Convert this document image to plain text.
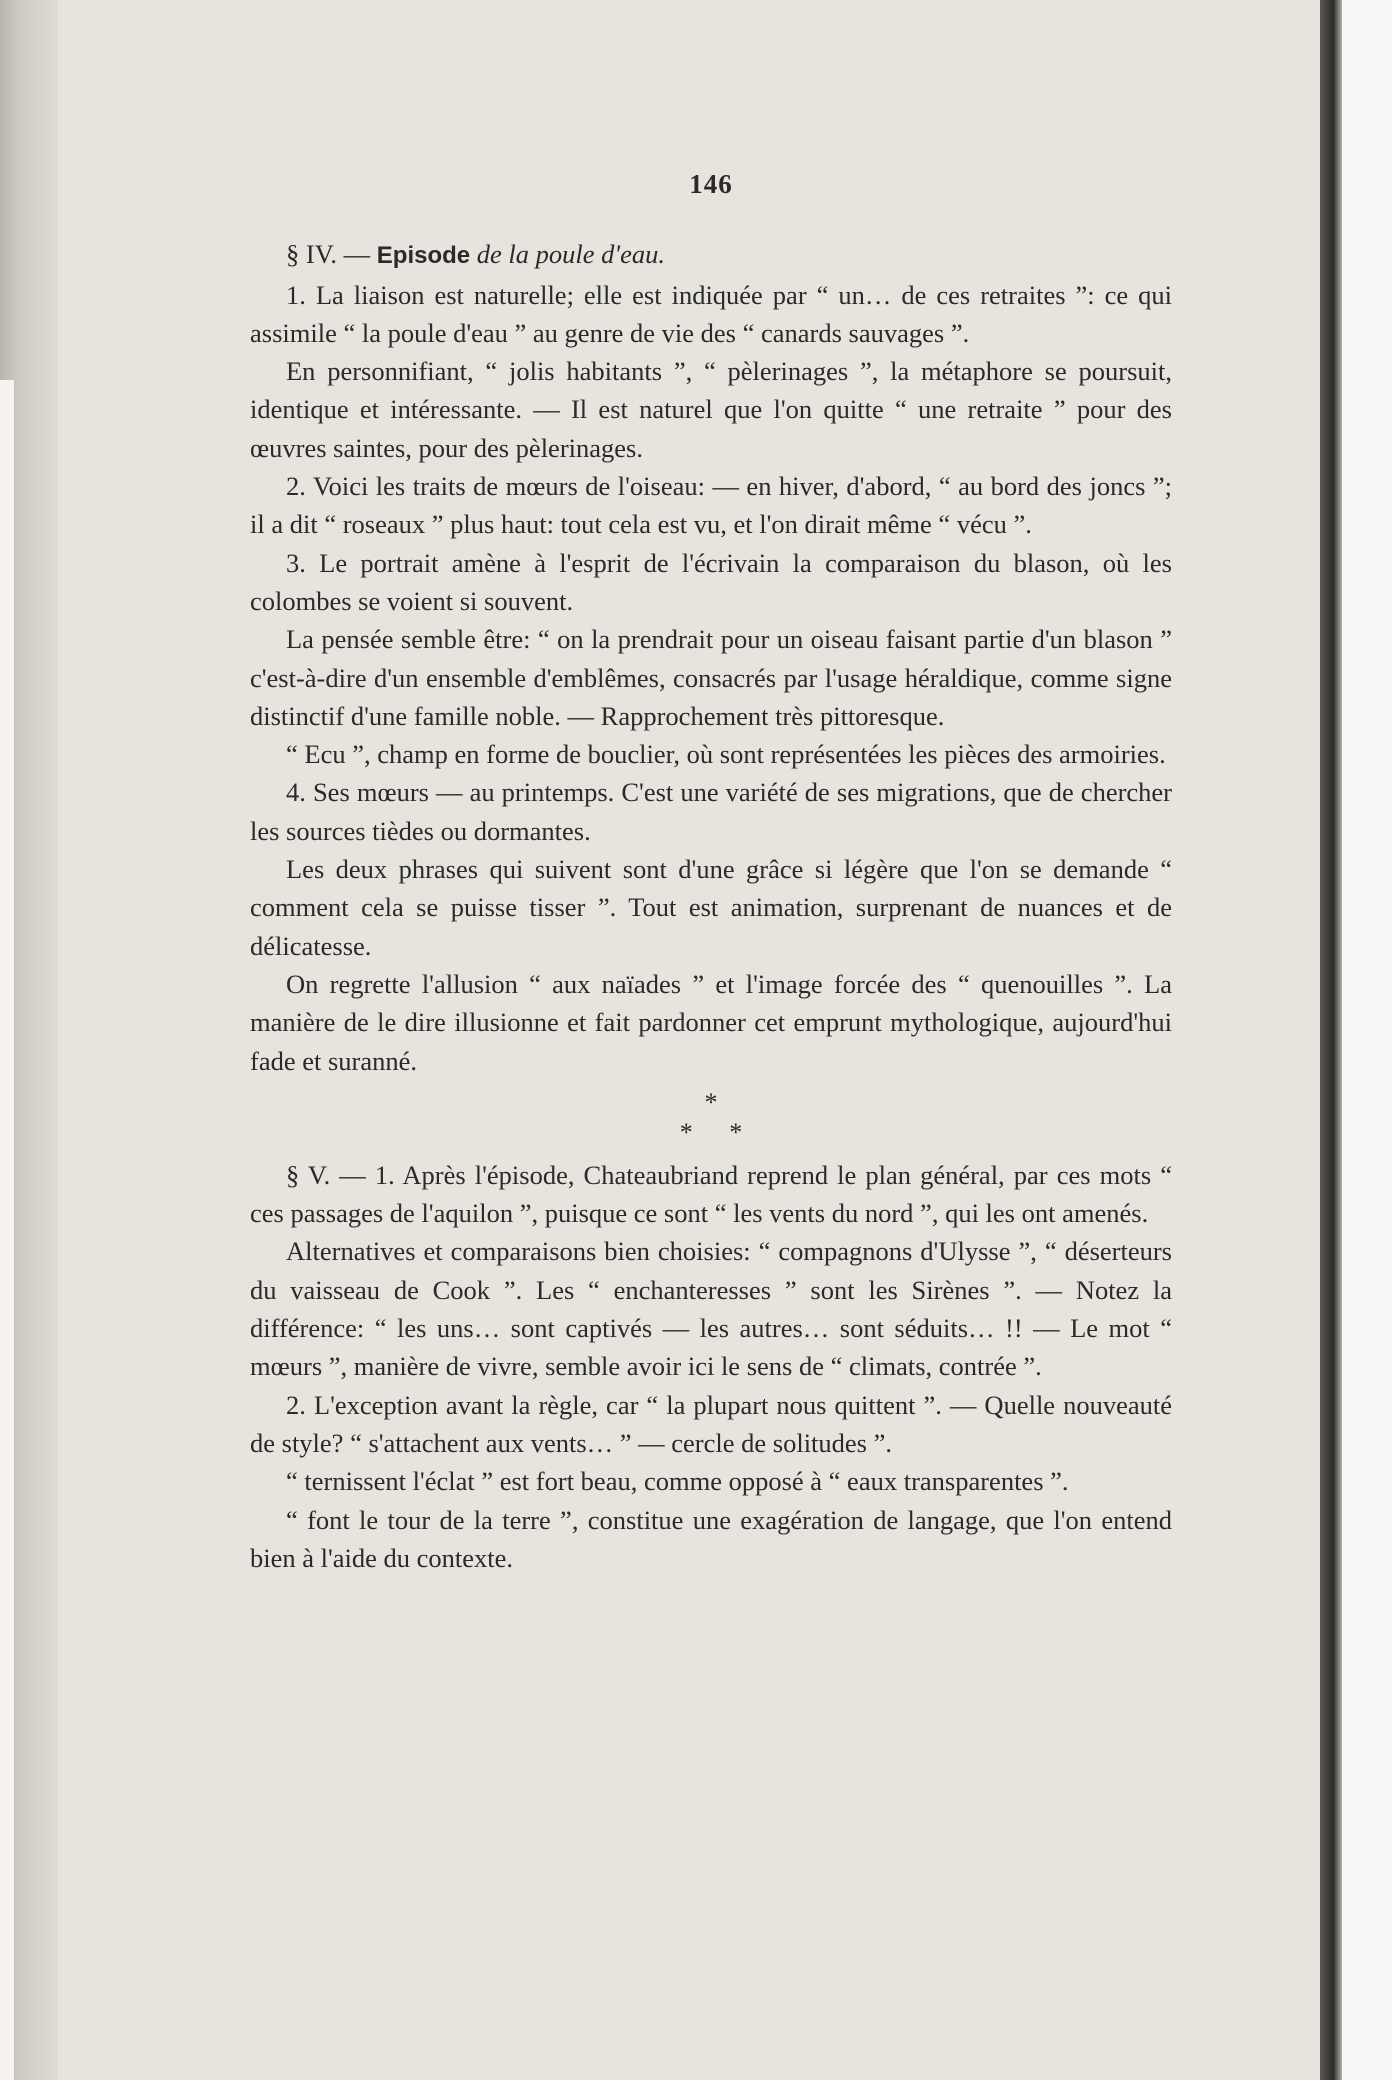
146

§ IV. — Episode de la poule d'eau.

1. La liaison est naturelle; elle est indiquée par “ un… de ces retraites ”: ce qui assimile “ la poule d'eau ” au genre de vie des “ canards sauvages ”.

En personnifiant, “ jolis habitants ”, “ pèlerinages ”, la métaphore se poursuit, identique et intéressante. — Il est naturel que l'on quitte “ une retraite ” pour des œuvres saintes, pour des pèlerinages.

2. Voici les traits de mœurs de l'oiseau: — en hiver, d'abord, “ au bord des joncs ”; il a dit “ roseaux ” plus haut: tout cela est vu, et l'on dirait même “ vécu ”.

3. Le portrait amène à l'esprit de l'écrivain la comparaison du blason, où les colombes se voient si souvent.

La pensée semble être: “ on la prendrait pour un oiseau faisant partie d'un blason ” c'est-à-dire d'un ensemble d'emblêmes, consacrés par l'usage héraldique, comme signe distinctif d'une famille noble. — Rapprochement très pittoresque.

“ Ecu ”, champ en forme de bouclier, où sont représentées les pièces des armoiries.

4. Ses mœurs — au printemps. C'est une variété de ses migrations, que de chercher les sources tièdes ou dormantes.

Les deux phrases qui suivent sont d'une grâce si légère que l'on se demande “ comment cela se puisse tisser ”. Tout est animation, surprenant de nuances et de délicatesse.

On regrette l'allusion “ aux naïades ” et l'image forcée des “ quenouilles ”. La manière de le dire illusionne et fait pardonner cet emprunt mythologique, aujourd'hui fade et suranné.

*
* *

§ V. — 1. Après l'épisode, Chateaubriand reprend le plan général, par ces mots “ ces passages de l'aquilon ”, puisque ce sont “ les vents du nord ”, qui les ont amenés.

Alternatives et comparaisons bien choisies: “ compagnons d'Ulysse ”, “ déserteurs du vaisseau de Cook ”. Les “ enchanteresses ” sont les Sirènes ”. — Notez la différence: “ les uns… sont captivés — les autres… sont séduits… !! — Le mot “ mœurs ”, manière de vivre, semble avoir ici le sens de “ climats, contrée ”.

2. L'exception avant la règle, car “ la plupart nous quittent ”. — Quelle nouveauté de style? “ s'attachent aux vents… ” — cercle de solitudes ”.

“ ternissent l'éclat ” est fort beau, comme opposé à “ eaux transparentes ”.

“ font le tour de la terre ”, constitue une exagération de langage, que l'on entend bien à l'aide du contexte.
